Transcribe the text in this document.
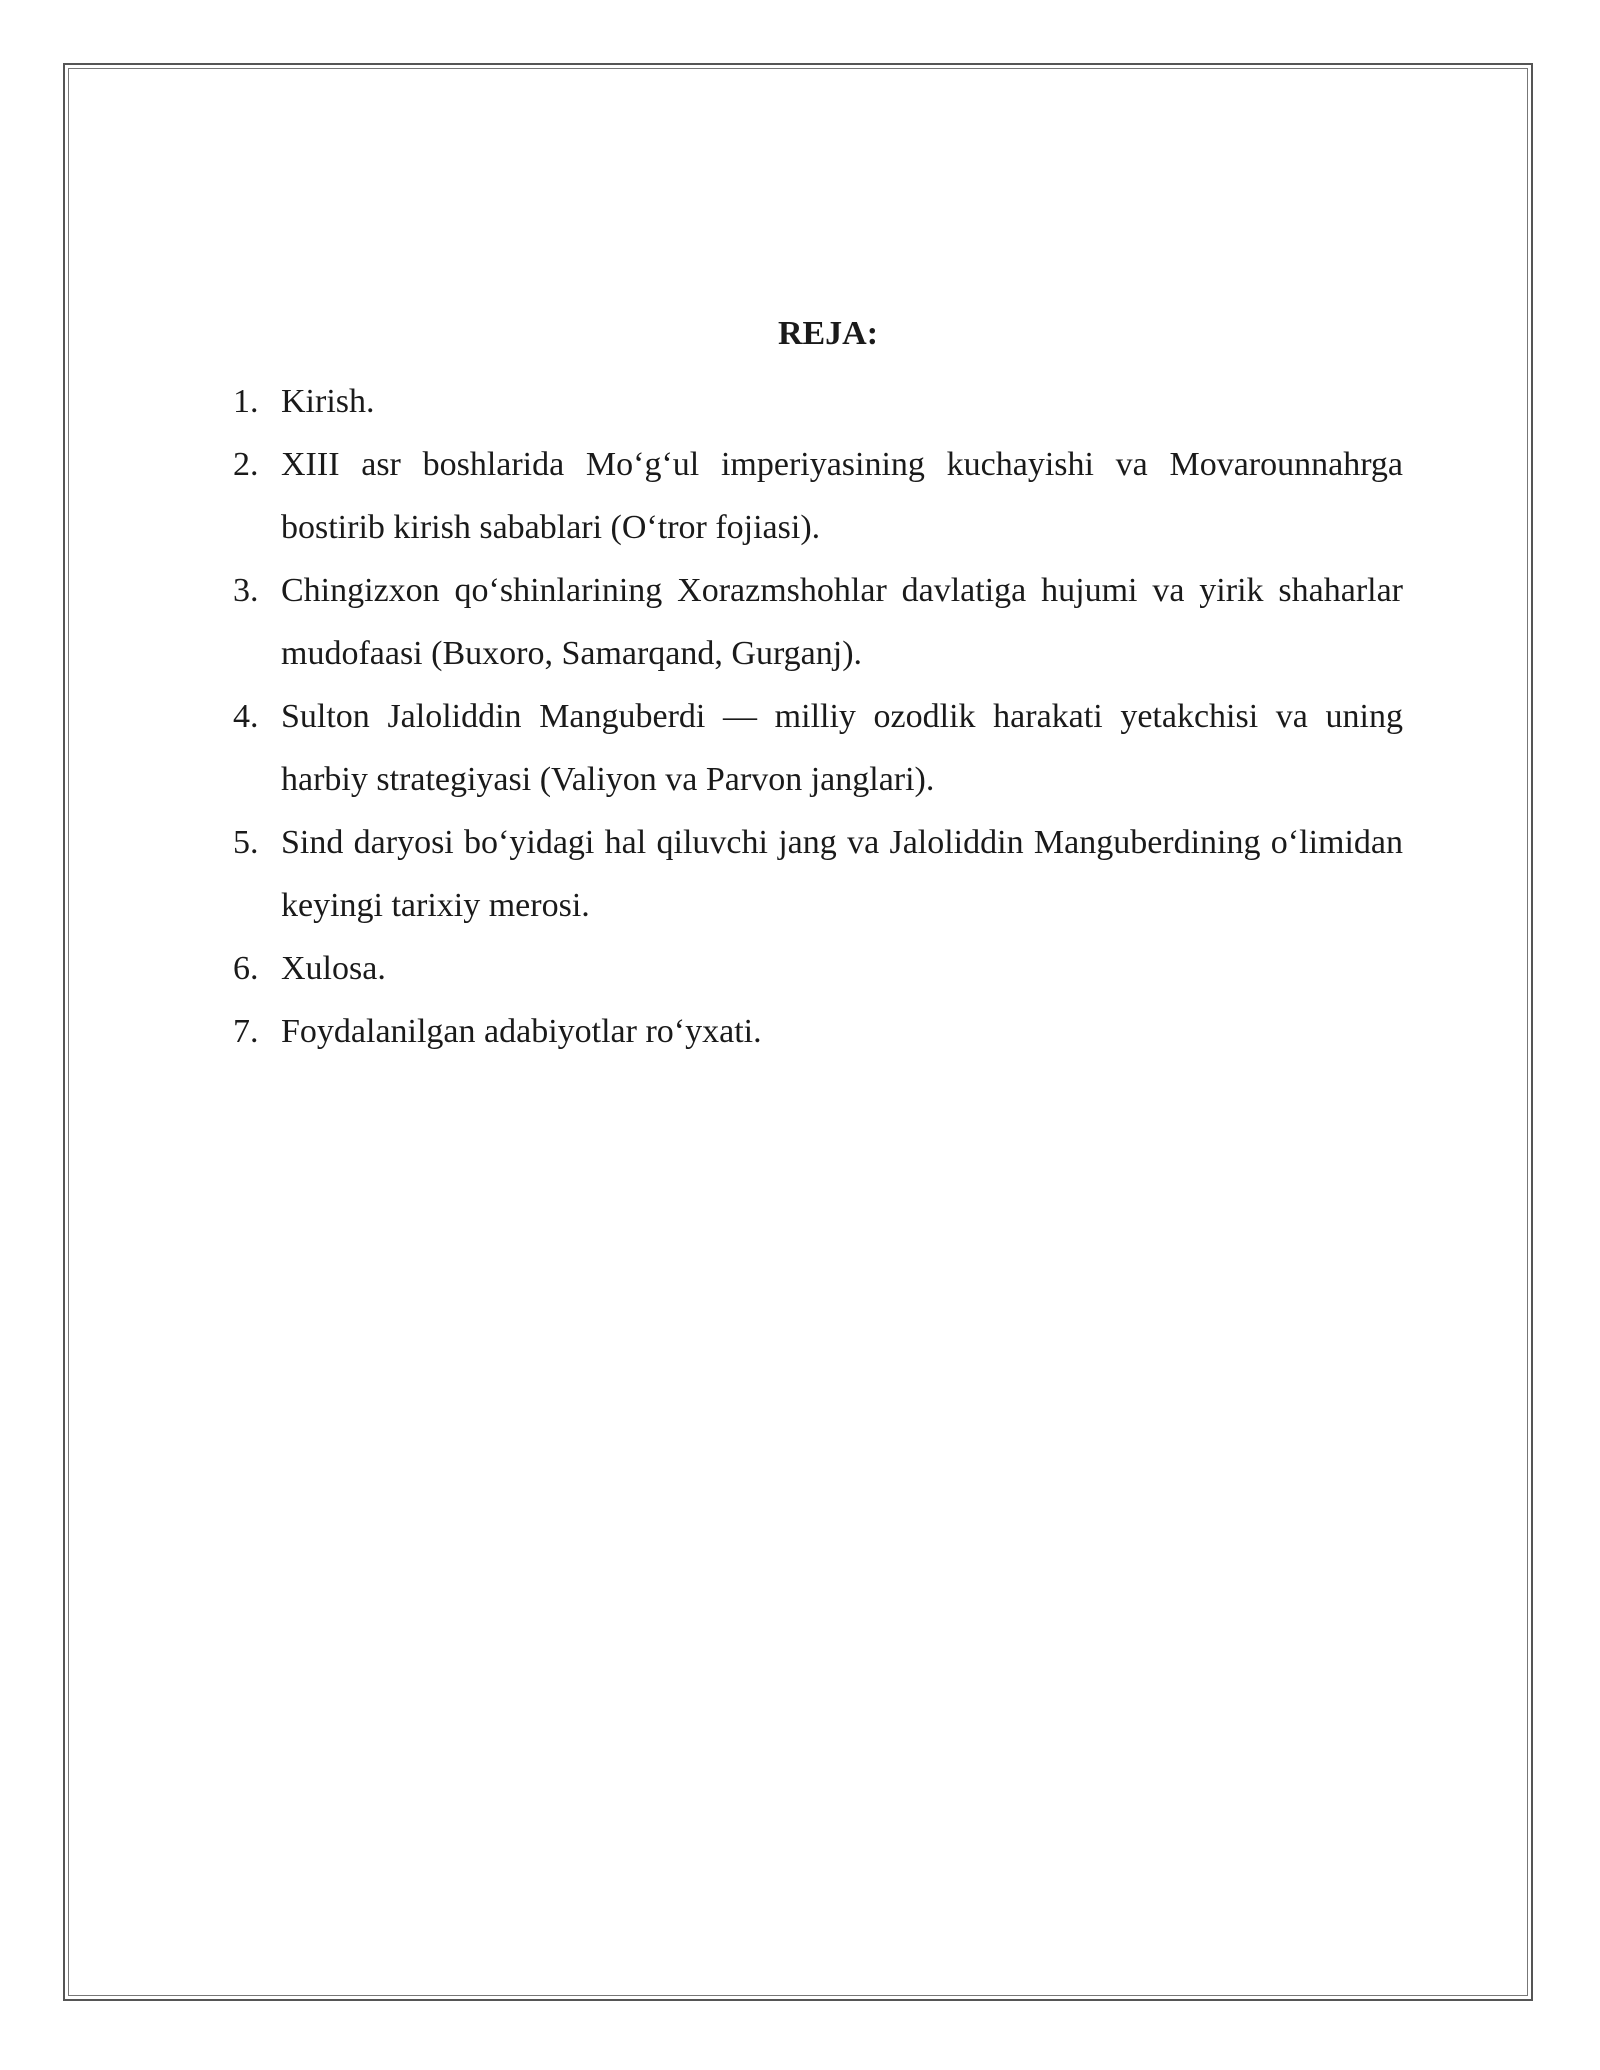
REJA:
1. Kirish.
2. XIII asr boshlarida Mo‘g‘ul imperiyasining kuchayishi va Movarounnahrga bostirib kirish sabablari (O‘tror fojiasi).
3. Chingizxon qo‘shinlarining Xorazmshohlar davlatiga hujumi va yirik shaharlar mudofaasi (Buxoro, Samarqand, Gurganj).
4. Sulton Jaloliddin Manguberdi — milliy ozodlik harakati yetakchisi va uning harbiy strategiyasi (Valiyon va Parvon janglari).
5. Sind daryosi bo‘yidagi hal qiluvchi jang va Jaloliddin Manguberdining o‘limidan keyingi tarixiy merosi.
6. Xulosa.
7. Foydalanilgan adabiyotlar ro‘yxati.
